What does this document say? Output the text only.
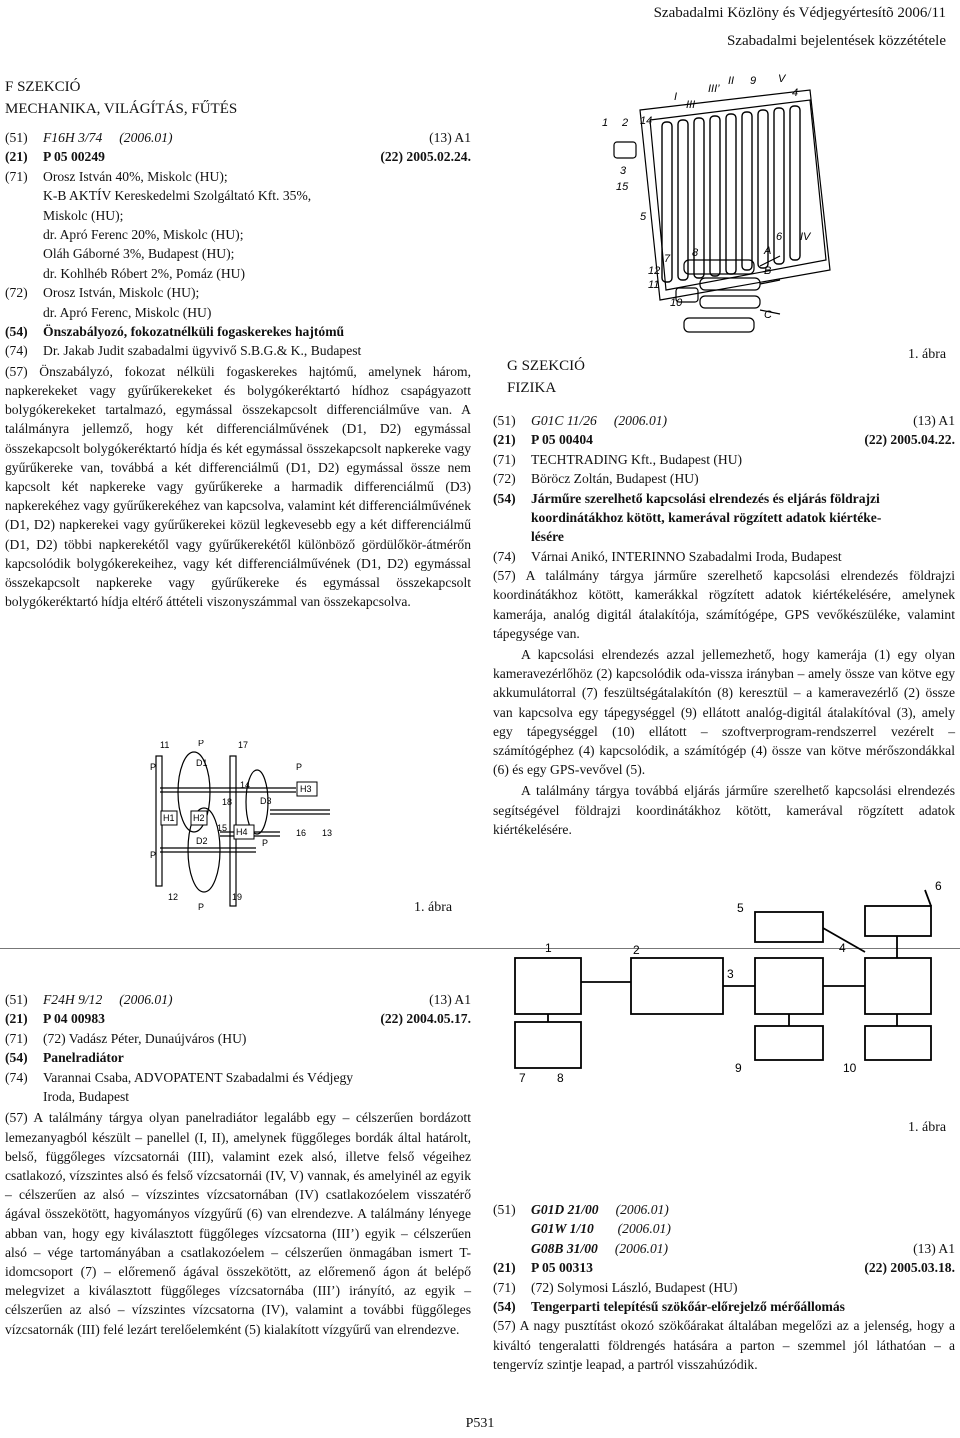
Szabadalmi Közlöny és Védjegyértesítõ 2006/11
Szabadalmi bejelentések közzététele
F SZEKCIÓ
MECHANIKA, VILÁGÍTÁS, FŰTÉS
(51) F16H 3/74 (2006.01)	(13) A1
(21) P 05 00249	(22) 2005.02.24.
(71) Orosz István 40%, Miskolc (HU);
K-B AKTÍV Kereskedelmi Szolgáltató Kft. 35%,
Miskolc (HU);
dr. Apró Ferenc 20%, Miskolc (HU);
Oláh Gáborné 3%, Budapest (HU);
dr. Kohlhéb Róbert 2%, Pomáz (HU)
(72) Orosz István, Miskolc (HU);
dr. Apró Ferenc, Miskolc (HU)
(54) Önszabályozó, fokozatnélküli fogaskerekes hajtómű
(74) Dr. Jakab Judit szabadalmi ügyvivő S.B.G.& K., Budapest
(57) Önszabályzó, fokozat nélküli fogaskerekes hajtómű, amelynek három, napkerekeket vagy gyűrűkerekeket és bolygókeréktartó hídhoz csapágyazott bolygókerekeket tartalmazó, egymással összekapcsolt differenciálműve van. A találmányra jellemző, hogy két differenciálművének (D1, D2) egymással összekapcsolt bolygókeréktartó hídja és két egymással összekapcsolt napkereke vagy gyűrűkereke van, továbbá a két differenciálmű (D1, D2) egymással össze nem kapcsolt két napkereke vagy gyűrűkereke a harmadik differenciálmű (D3) napkerekéhez vagy gyűrűkerekéhez van kapcsolva, valamint két differenciálművének (D1, D2) napkerekei vagy gyűrűkerekei közül legkevesebb egy a két differenciálmű (D1, D2) többi napkerekétől vagy gyűrűkerekétől különböző gördülőkör-átmérőn kapcsolódik bolygókerekeihez, vagy két differenciálművének (D1, D2) egymással összekapcsolt napkereke vagy gyűrűkereke és egymással összekapcsolt bolygókeréktartó hídja eltérő áttételi viszonyszámmal van összekapcsolva.
11	17
P
D1
P	P
14
18	D3
H3
H1 H2
15 H4	16 13
D2
P
P
12	19
P	1. ábra
(51) F24H 9/12 (2006.01)	(13) A1
(21) P 04 00983	(22) 2004.05.17.
(71) (72) Vadász Péter, Dunaújváros (HU)
(54) Panelradiátor
(74) Varannai Csaba, ADVOPATENT Szabadalmi és Védjegy
Iroda, Budapest
(57) A találmány tárgya olyan panelradiátor legalább egy – célszerűen bordázott lemezanyagból készült – panellel (I, II), amelynek függőleges bordák által határolt, belső, függőleges vízcsatornái (III), valamint ezek alsó, illetve felső végeihez csatlakozó, vízszintes alsó és felső vízcsatornái (IV, V) vannak, és amelyinél az egyik – célszerűen az alsó – vízszintes vízcsatornában (IV) csatlakozóelem visszatérő ágával összekötött, hagyományos vízgyűrű (6) van elrendezve. A találmány lényege abban van, hogy egy kiválasztott függőleges vízcsatorna (III’) egyik – célszerűen alsó – vége tartományában a csatlakozóelem – célszerűen önmagában ismert T-idomcsoport (7) – előremenő ágával összekötött, az előremenő ágon át belépő melegvizet a kiválasztott függőleges vízcsatornába (III’) irányító, az egyik – célszerűen az alsó – vízszintes vízcsatorna (IV), valamint a további függőleges vízcsatornák (III) felé lezárt terelőelemként (5) kialakított vízgyűrű van elrendezve.
1 2 14
I
III
III’
II 9 V
IV
3
15
5
6
A
B
C
12
11
7 8
10
4
1. ábra
G SZEKCIÓ
FIZIKA
(51) G01C 11/26 (2006.01)	(13) A1
(21) P 05 00404	(22) 2005.04.22.
(71) TECHTRADING Kft., Budapest (HU)
(72) Böröcz Zoltán, Budapest (HU)
(54) Járműre szerelhető kapcsolási elrendezés és eljárás földrajzi
koordinátákhoz kötött, kamerával rögzített adatok kiértéke-
lésére
(74) Várnai Anikó, INTERINNO Szabadalmi Iroda, Budapest
(57) A találmány tárgya járműre szerelhető kapcsolási elrendezés földrajzi koordinátákhoz kötött, kamerákkal rögzített adatok kiértékelésére, amelynek kamerája, analóg digitál átalakítója, számítógépe, GPS vevőkészüléke, valamint tápegysége van.
A kapcsolási elrendezés azzal jellemezhető, hogy kamerája (1) egy olyan kameravezérlőhöz (2) kapcsolódik oda-vissza irányban – amely össze van kötve egy akkumulátorral (7) feszültségátalakítón (8) keresztül – a kameravezérlő (2) össze van kapcsolva egy tápegységgel (9) ellátott analóg-digitál átalakítóval (3), amely egy tápegységgel (10) ellátott – szoftverprogram-rendszerrel vezérelt – számítógéphez (4) kapcsolódik, a számítógép (4) össze van kötve mérőszondákkal (6) és egy GPS-vevővel (5).
A találmány tárgya továbbá eljárás járműre szerelhető kapcsolási elrendezés segítségével földrajzi koordinátákhoz kötött, kamerával rögzített adatok kiértékelésére.
6
5
4
3
2
1
7	8
9	10
1. ábra
(51) G01D 21/00 (2006.01)
G01W 1/10 (2006.01)
G08B 31/00 (2006.01)	(13) A1
(21) P 05 00313	(22) 2005.03.18.
(71) (72) Solymosi László, Budapest (HU)
(54) Tengerparti telepítésű szökőár-előrejelző mérőállomás
(57) A nagy pusztítást okozó szökőárakat általában megelőzi az a jelenség, hogy a kiváltó tengeralatti földrengés hatására a parton – szemmel jól láthatóan – a tengervíz szintje leapad, a partról visszahúzódik.
P531
